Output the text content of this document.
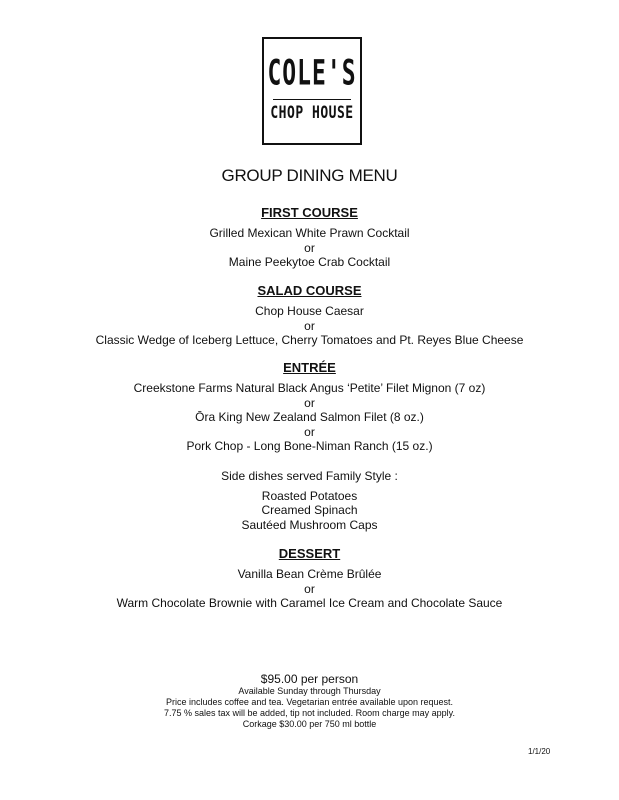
COLE'S
CHOP HOUSE
GROUP DINING MENU
FIRST COURSE
Grilled Mexican White Prawn Cocktail
or
Maine Peekytoe Crab Cocktail
SALAD COURSE
Chop House Caesar
or
Classic Wedge of Iceberg Lettuce, Cherry Tomatoes and Pt. Reyes Blue Cheese
ENTRÉE
Creekstone Farms Natural Black Angus ‘Petite’ Filet Mignon (7 oz)
or
Ōra King New Zealand Salmon Filet (8 oz.)
or
Pork Chop - Long Bone-Niman Ranch (15 oz.)
Side dishes served Family Style :
Roasted Potatoes
Creamed Spinach
Sautéed Mushroom Caps
DESSERT
Vanilla Bean Crème Brûlée
or
Warm Chocolate Brownie with Caramel Ice Cream and Chocolate Sauce
$95.00 per person
Available Sunday through Thursday
Price includes coffee and tea. Vegetarian entrée available upon request.
7.75 % sales tax will be added, tip not included. Room charge may apply.
Corkage $30.00 per 750 ml bottle
1/1/20
